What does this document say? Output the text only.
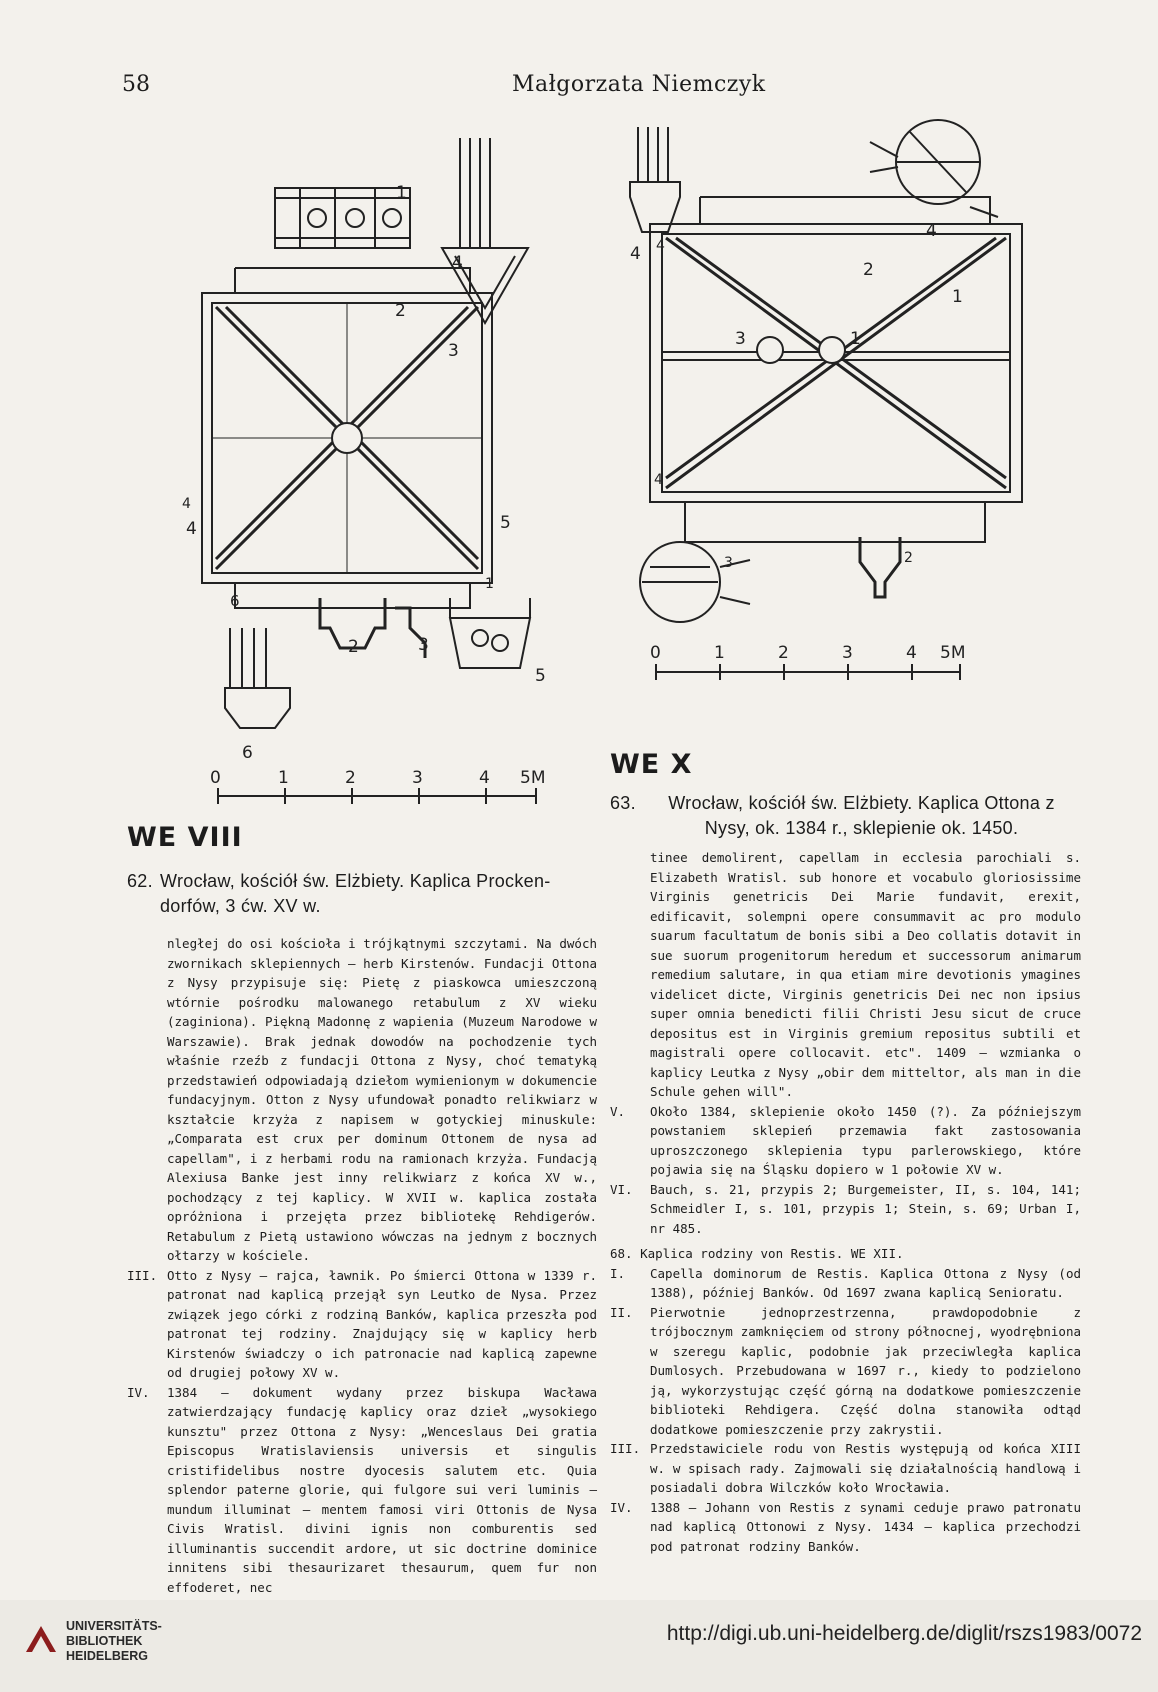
58	Małgorzata Niemczyk
1
4
2
3
4	5
6
2	3
5
6
1
4
0	1	2	3	4 5M
1
4
2
1
3
4 4
4
3	2
0	1	2	3	4 5M
WE VIII
WE X
62. Wrocław, kościół św. Elżbiety. Kaplica Prockendorfów, 3 ćw. XV w.
63.	Wrocław, kościół św. Elżbiety. Kaplica Ottona z Nysy, ok. 1384 r., sklepienie ok. 1450.
nległej do osi kościoła i trójkątnymi szczytami. Na dwóch zwornikach sklepiennych — herb Kirstenów. Fundacji Ottona z Nysy przypisuje się: Pietę z piaskowca umieszczoną wtórnie pośrodku malowanego retabulum z XV wieku (zaginiona). Piękną Madonnę z wapienia (Muzeum Narodowe w Warszawie). Brak jednak dowodów na pochodzenie tych właśnie rzeźb z fundacji Ottona z Nysy, choć tematyką przedstawień odpowiadają dziełom wymienionym w dokumencie fundacyjnym. Otton z Nysy ufundował ponadto relikwiarz w kształcie krzyża z napisem w gotyckiej minuskule: „Comparata est crux per dominum Ottonem de nysa ad capellam", i z herbami rodu na ramionach krzyża. Fundacją Alexiusa Banke jest inny relikwiarz z końca XV w., pochodzący z tej kaplicy. W XVII w. kaplica została opróżniona i przejęta przez bibliotekę Rehdigerów. Retabulum z Pietą ustawiono wówczas na jednym z bocznych ołtarzy w kościele.
III. Otto z Nysy — rajca, ławnik. Po śmierci Ottona w 1339 r. patronat nad kaplicą przejął syn Leutko de Nysa. Przez związek jego córki z rodziną Banków, kaplica przeszła pod patronat tej rodziny. Znajdujący się w kaplicy herb Kirstenów świadczy o ich patronacie nad kaplicą zapewne od drugiej połowy XV w.
IV. 1384 — dokument wydany przez biskupa Wacława zatwierdzający fundację kaplicy oraz dzieł „wysokiego kunsztu" przez Ottona z Nysy: „Wenceslaus Dei gratia Episcopus Wratislaviensis universis et singulis cristifidelibus nostre dyocesis salutem etc. Quia splendor paterne glorie, qui fulgore sui veri luminis — mundum illuminat — mentem famosi viri Ottonis de Nysa Civis Wratisl. divini ignis non comburentis sed illuminantis succendit ardore, ut sic doctrine dominice innitens sibi thesaurizaret thesaurum, quem fur non effoderet, nec
tinee demolirent, capellam in ecclesia parochiali s. Elizabeth Wratisl. sub honore et vocabulo gloriosissime Virginis genetricis Dei Marie fundavit, erexit, edificavit, solempni opere consummavit ac pro modulo suarum facultatum de bonis sibi a Deo collatis dotavit in sue suorum progenitorum heredum et successorum animarum remedium salutare, in qua etiam mire devotionis ymagines videlicet dicte, Virginis genetricis Dei nec non ipsius super omnia benedicti filii Christi Jesu sicut de cruce depositus est in Virginis gremium repositus subtili et magistrali opere collocavit. etc". 1409 — wzmianka o kaplicy Leutka z Nysy „obir dem mitteltor, als man in die Schule gehen will".
V. Około 1384, sklepienie około 1450 (?). Za późniejszym powstaniem sklepień przemawia fakt zastosowania uproszczonego sklepienia typu parlerowskiego, które pojawia się na Śląsku dopiero w 1 połowie XV w.
VI. Bauch, s. 21, przypis 2; Burgemeister, II, s. 104, 141; Schmeidler I, s. 101, przypis 1; Stein, s. 69; Urban I, nr 485.
68. Kaplica rodziny von Restis. WE XII.
I. Capella dominorum de Restis. Kaplica Ottona z Nysy (od 1388), później Banków. Od 1697 zwana kaplicą Senioratu.
II. Pierwotnie jednoprzestrzenna, prawdopodobnie z trójbocznym zamknięciem od strony północnej, wyodrębniona w szeregu kaplic, podobnie jak przeciwległa kaplica Dumlosych. Przebudowana w 1697 r., kiedy to podzielono ją, wykorzystując część górną na dodatkowe pomieszczenie biblioteki Rehdigera. Część dolna stanowiła odtąd dodatkowe pomieszczenie przy zakrystii.
III. Przedstawiciele rodu von Restis występują od końca XIII w. w spisach rady. Zajmowali się działalnością handlową i posiadali dobra Wilczków koło Wrocławia.
IV. 1388 — Johann von Restis z synami ceduje prawo patronatu nad kaplicą Ottonowi z Nysy. 1434 — kaplica przechodzi pod patronat rodziny Banków.
UNIVERSITÄTS-
BIBLIOTHEK
HEIDELBERG
http://digi.ub.uni-heidelberg.de/diglit/rszs1983/0072
